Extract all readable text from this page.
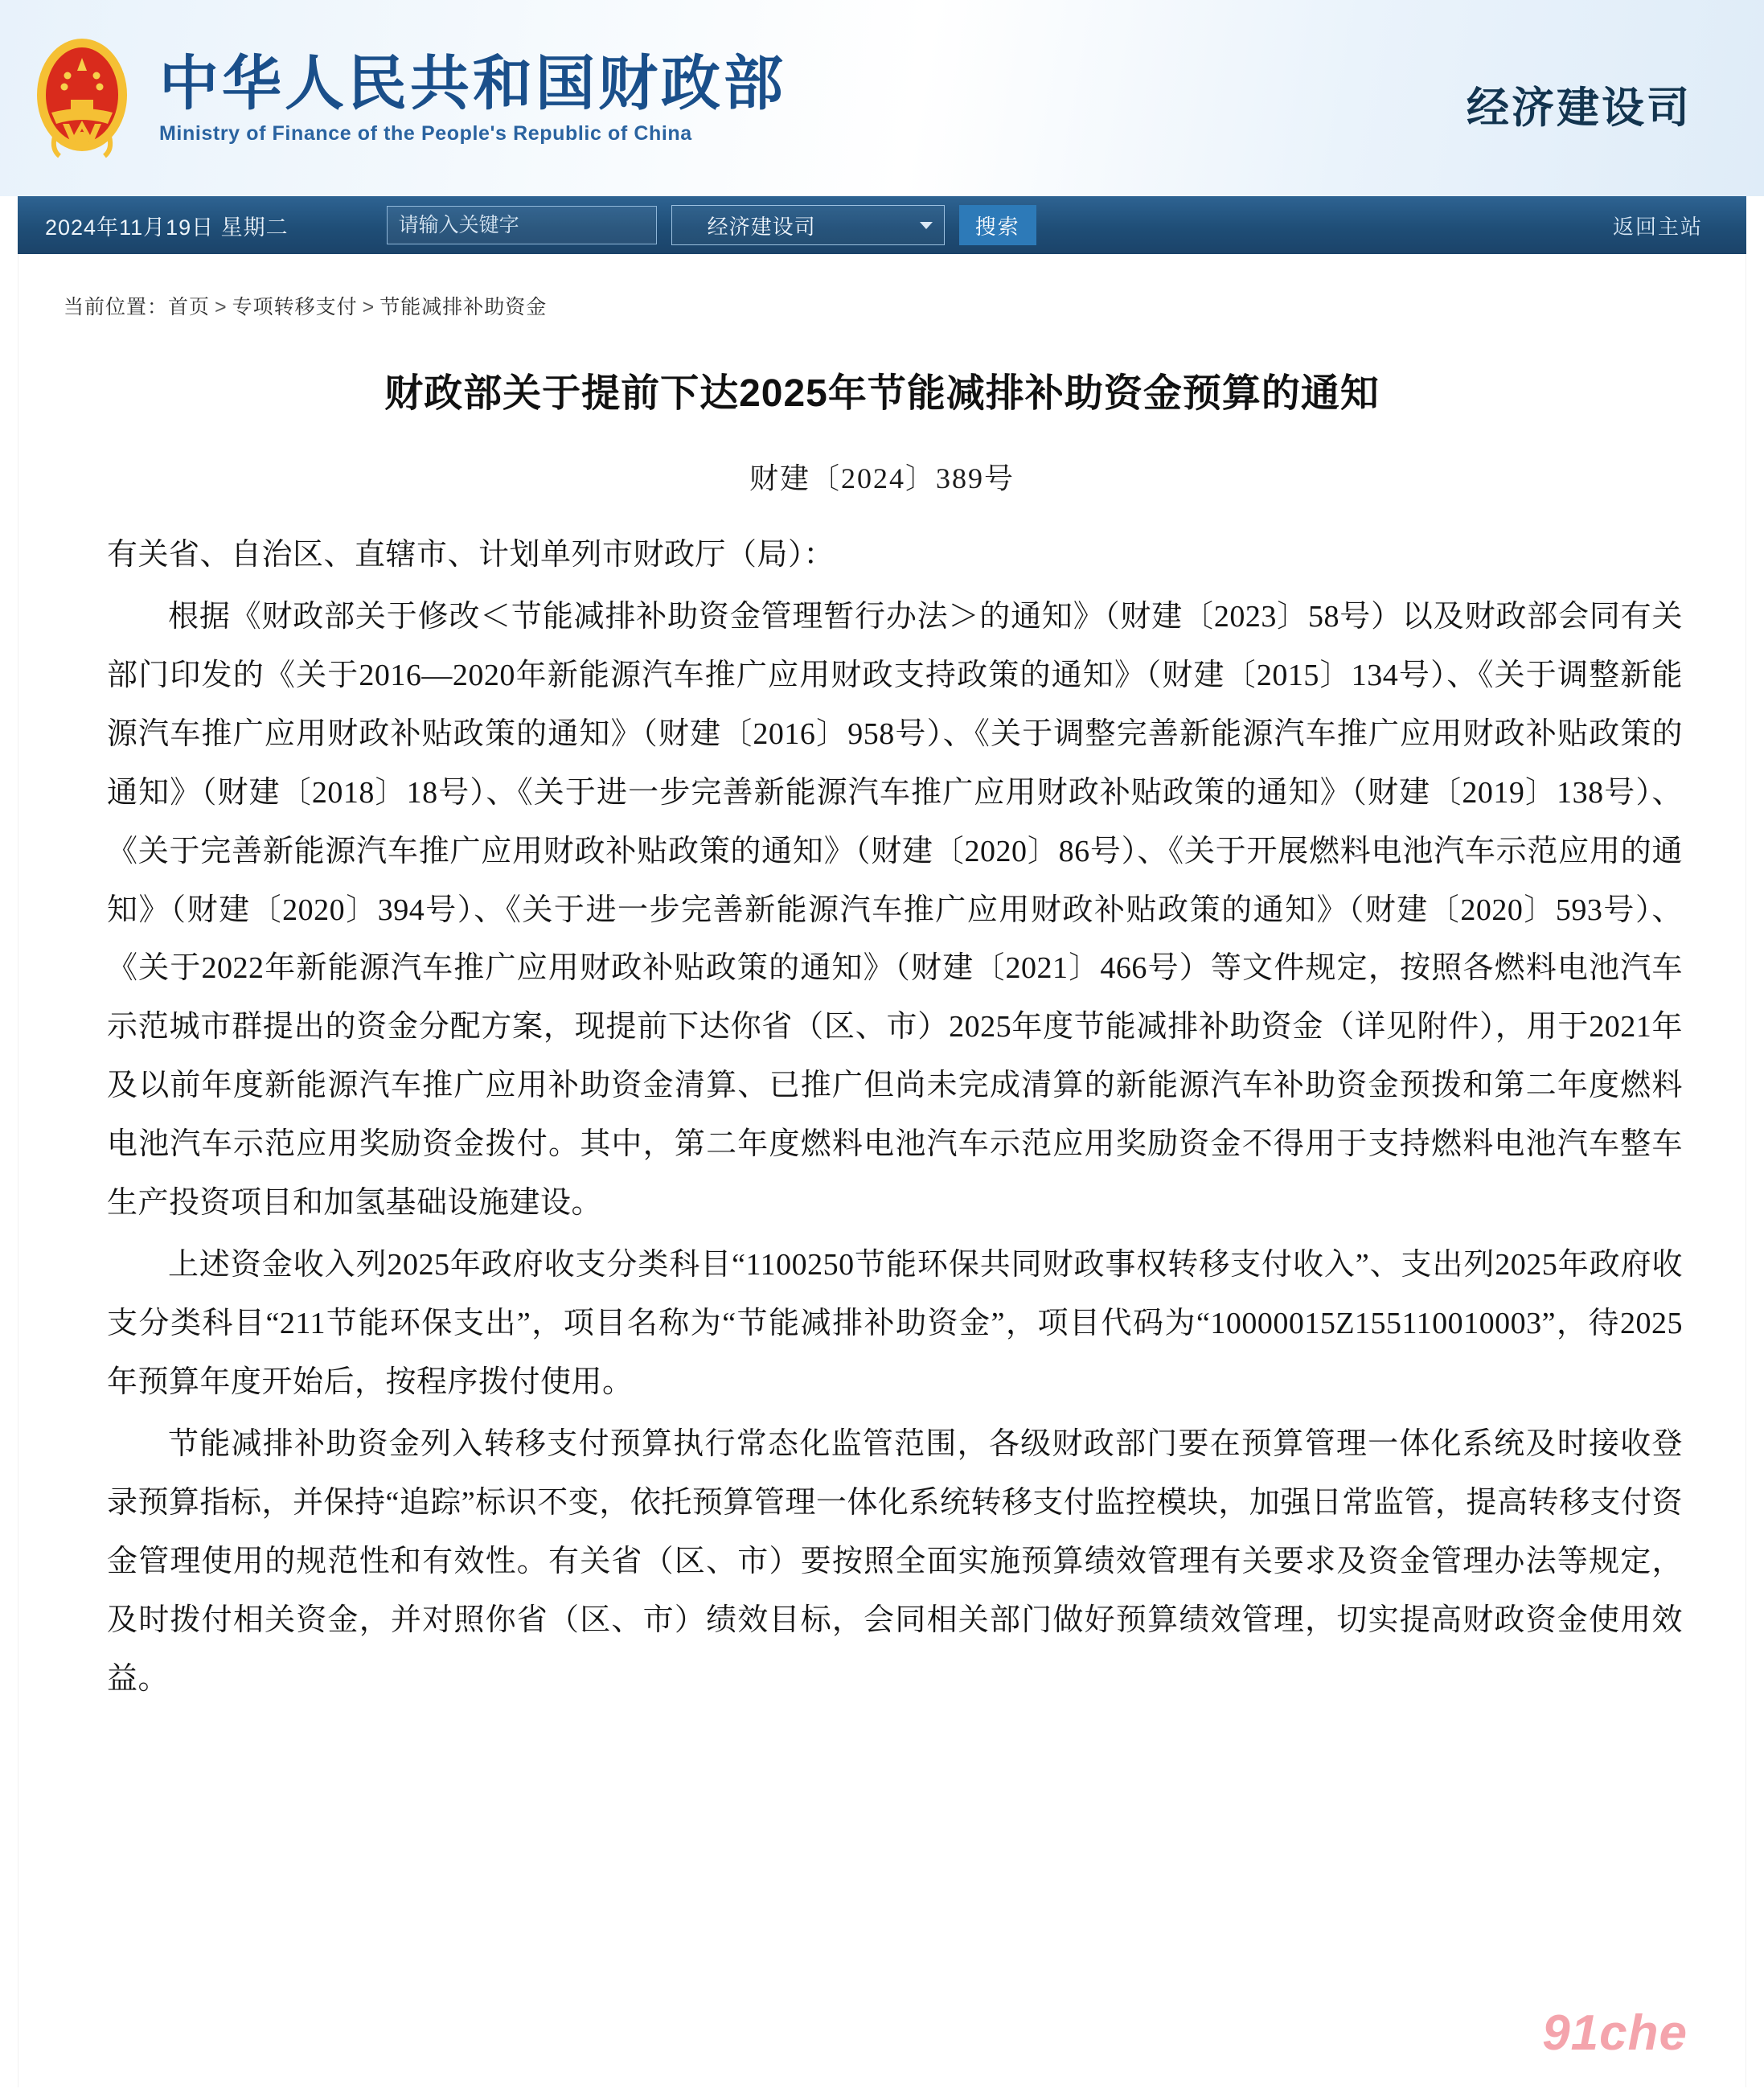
中华人民共和国财政部
Ministry of Finance of the People's Republic of China
经济建设司
2024年11月19日 星期二
请输入关键字	经济建设司	搜索	返回主站
当前位置：首页 > 专项转移支付 > 节能减排补助资金
财政部关于提前下达2025年节能减排补助资金预算的通知
财建〔2024〕389号

有关省、自治区、直辖市、计划单列市财政厅（局）：

根据《财政部关于修改＜节能减排补助资金管理暂行办法＞的通知》（财建〔2023〕58号）以及财政部会同有关部门印发的《关于2016—2020年新能源汽车推广应用财政支持政策的通知》（财建〔2015〕134号）、《关于调整新能源汽车推广应用财政补贴政策的通知》（财建〔2016〕958号）、《关于调整完善新能源汽车推广应用财政补贴政策的通知》（财建〔2018〕18号）、《关于进一步完善新能源汽车推广应用财政补贴政策的通知》（财建〔2019〕138号）、《关于完善新能源汽车推广应用财政补贴政策的通知》（财建〔2020〕86号）、《关于开展燃料电池汽车示范应用的通知》（财建〔2020〕394号）、《关于进一步完善新能源汽车推广应用财政补贴政策的通知》（财建〔2020〕593号）、《关于2022年新能源汽车推广应用财政补贴政策的通知》（财建〔2021〕466号）等文件规定，按照各燃料电池汽车示范城市群提出的资金分配方案，现提前下达你省（区、市）2025年度节能减排补助资金（详见附件），用于2021年及以前年度新能源汽车推广应用补助资金清算、已推广但尚未完成清算的新能源汽车补助资金预拨和第二年度燃料电池汽车示范应用奖励资金拨付。其中，第二年度燃料电池汽车示范应用奖励资金不得用于支持燃料电池汽车整车生产投资项目和加氢基础设施建设。

上述资金收入列2025年政府收支分类科目“1100250节能环保共同财政事权转移支付收入”、支出列2025年政府收支分类科目“211节能环保支出”，项目名称为“节能减排补助资金”，项目代码为“10000015Z155110010003”，待2025年预算年度开始后，按程序拨付使用。

节能减排补助资金列入转移支付预算执行常态化监管范围，各级财政部门要在预算管理一体化系统及时接收登录预算指标，并保持“追踪”标识不变，依托预算管理一体化系统转移支付监控模块，加强日常监管，提高转移支付资金管理使用的规范性和有效性。有关省（区、市）要按照全面实施预算绩效管理有关要求及资金管理办法等规定，及时拨付相关资金，并对照你省（区、市）绩效目标，会同相关部门做好预算绩效管理，切实提高财政资金使用效益。

91che
